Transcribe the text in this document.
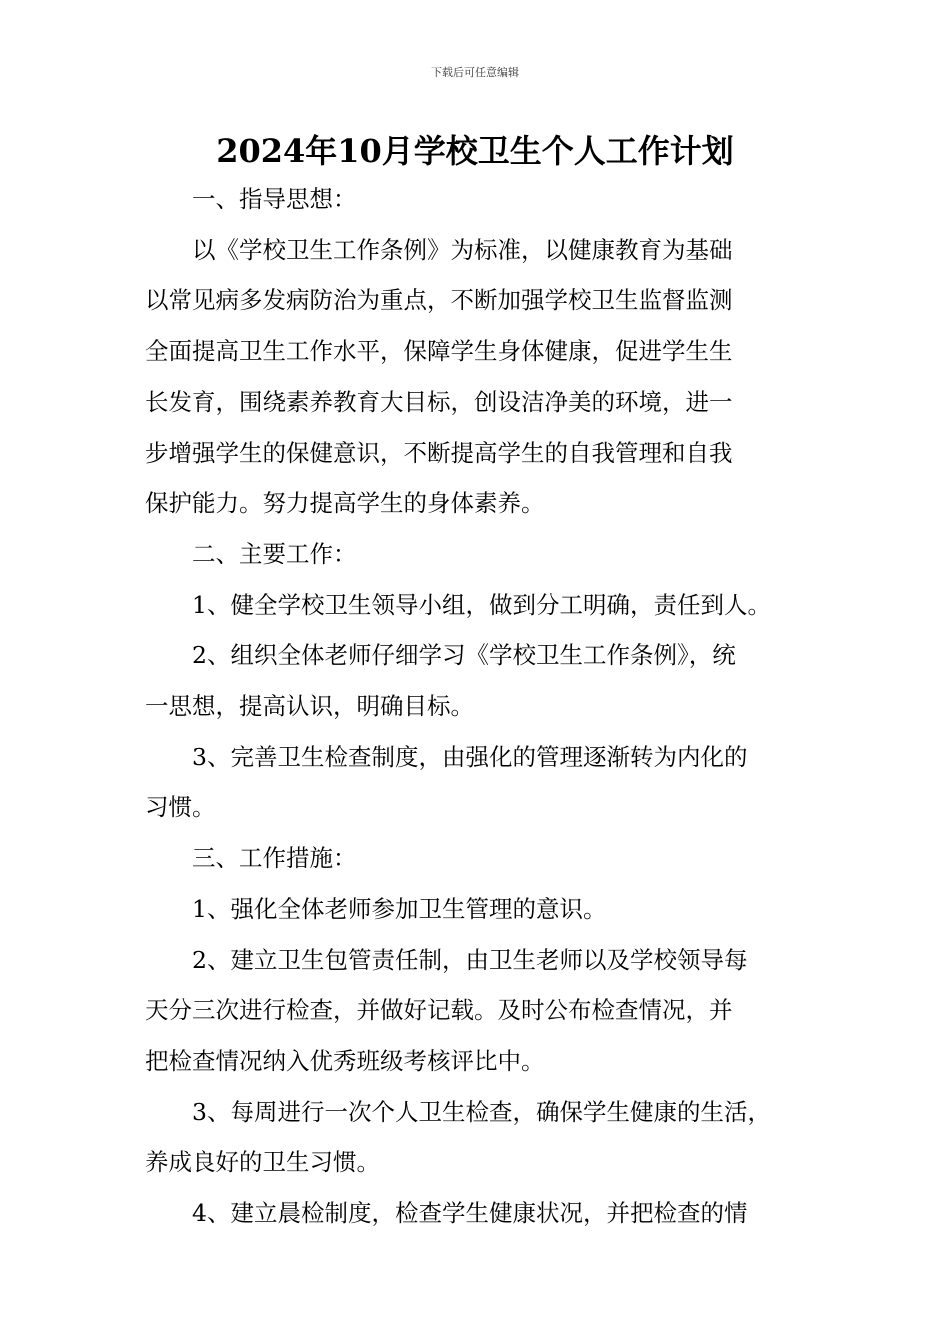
下载后可任意编辑
2024年10月学校卫生个人工作计划

一、指导思想：

以《学校卫生工作条例》为标准，以健康教育为基础
以常见病多发病防治为重点，不断加强学校卫生监督监测
全面提高卫生工作水平，保障学生身体健康，促进学生生
长发育，围绕素养教育大目标，创设洁净美的环境，进一
步增强学生的保健意识，不断提高学生的自我管理和自我
保护能力。努力提高学生的身体素养。

二、主要工作：

1、健全学校卫生领导小组，做到分工明确，责任到人。

2、组织全体老师仔细学习《学校卫生工作条例》，统
一思想，提高认识，明确目标。

3、完善卫生检查制度，由强化的管理逐渐转为内化的
习惯。

三、工作措施：

1、强化全体老师参加卫生管理的意识。

2、建立卫生包管责任制，由卫生老师以及学校领导每
天分三次进行检查，并做好记载。及时公布检查情况，并
把检查情况纳入优秀班级考核评比中。

3、每周进行一次个人卫生检查，确保学生健康的生活，
养成良好的卫生习惯。

4、建立晨检制度，检查学生健康状况，并把检查的情
